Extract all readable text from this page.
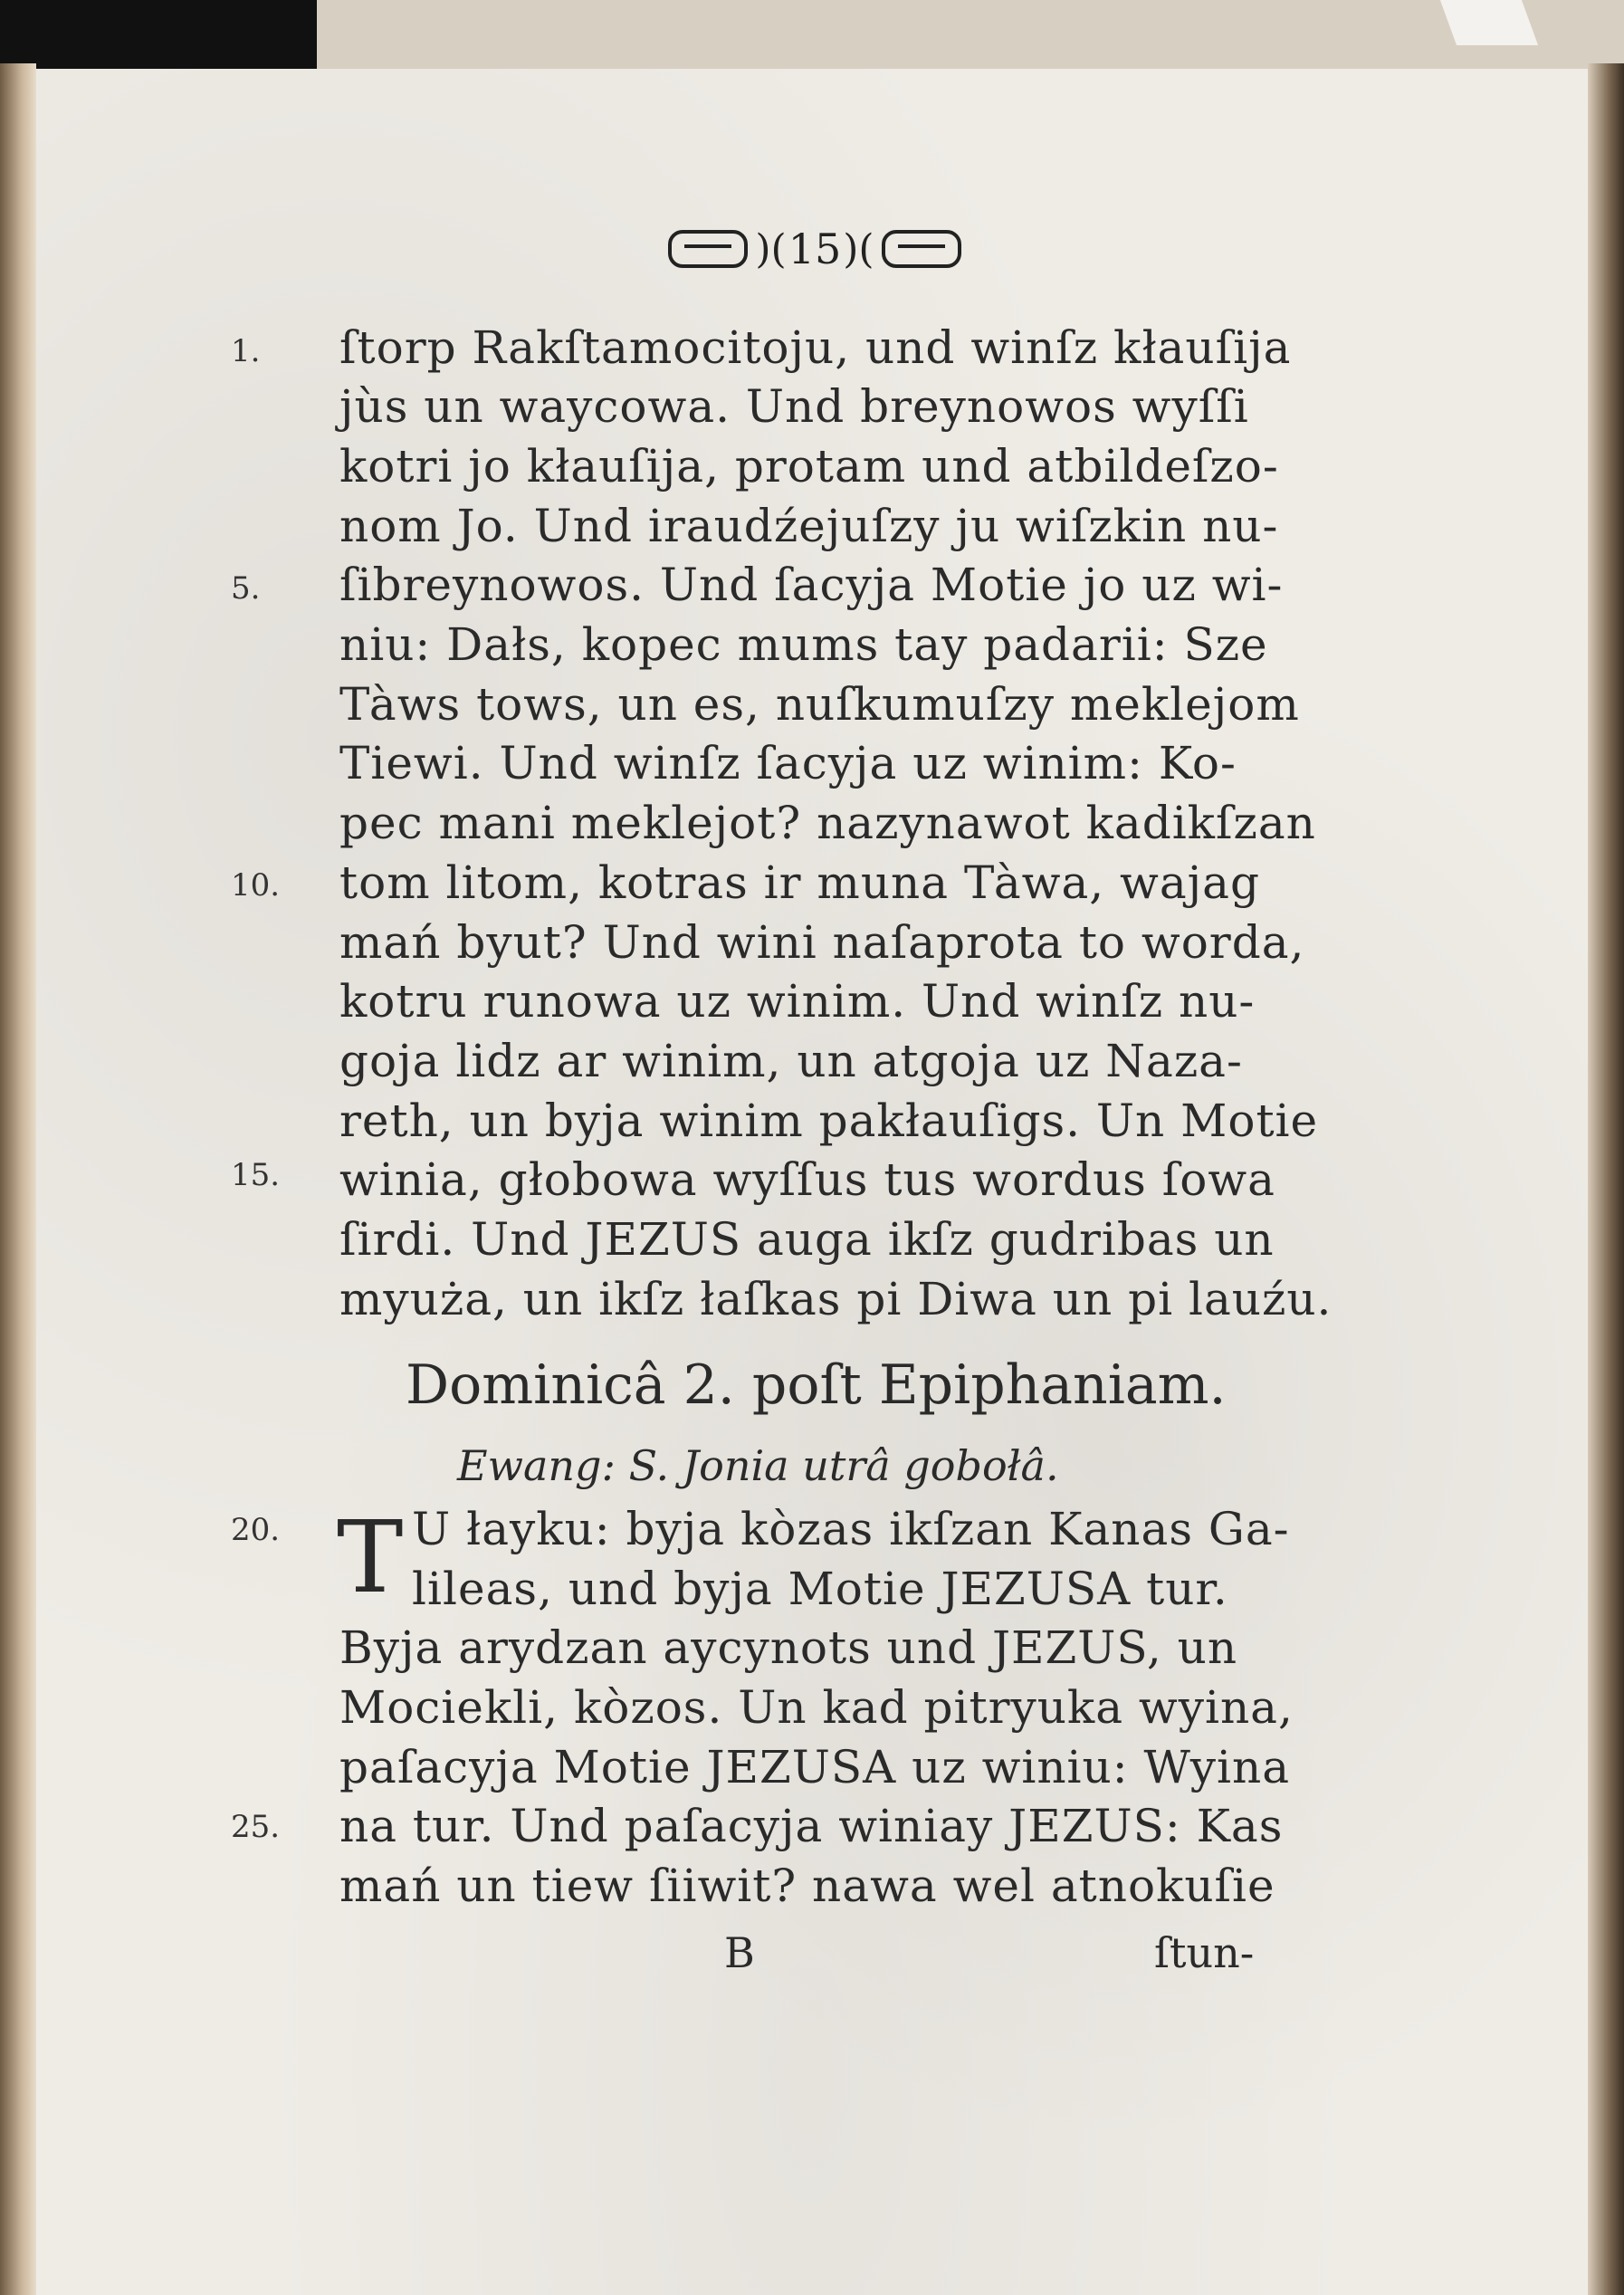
)( 15 )(
1.
5.
10.
15.
20.
25.
ſtorp Rakſtamocitoju, und winſz kłauſija
jùs un waycowa. Und breynowos wyſſi
kotri jo kłauſija, protam und atbildeſzo-
nom Jo. Und iraudźejuſzy ju wiſzkin nu-
ſibreynowos. Und ſacyja Motie jo uz wi-
niu: Dałs, kopec mums tay padarii: Sze
Tàws tows, un es, nuſkumuſzy meklejom
Tiewi. Und winſz ſacyja uz winim: Ko-
pec mani meklejot? nazynawot kadikſzan
tom litom, kotras ir muna Tàwa, wajag
mań byut? Und wini naſaprota to worda,
kotru runowa uz winim. Und winſz nu-
goja lidz ar winim, un atgoja uz Naza-
reth, un byja winim pakłauſigs. Un Motie
winia, głobowa wyſſus tus wordus ſowa
ſirdi. Und JEZUS auga ikſz gudribas un
myuża, un ikſz łaſkas pi Diwa un pi lauźu.
Dominicâ 2. poſt Epiphaniam.
Ewang: S. Jonia utrâ gobołâ.
T U łayku: byja kòzas ikſzan Kanas Ga-
lileas, und byja Motie JEZUSA tur.
Byja arydzan aycynots und JEZUS, un
Mociekli, kòzos. Un kad pitryuka wyina,
paſacyja Motie JEZUSA uz winiu: Wyina
na tur. Und paſacyja winiay JEZUS: Kas
mań un tiew ſiiwit? nawa wel atnokuſie
B	ſtun-
